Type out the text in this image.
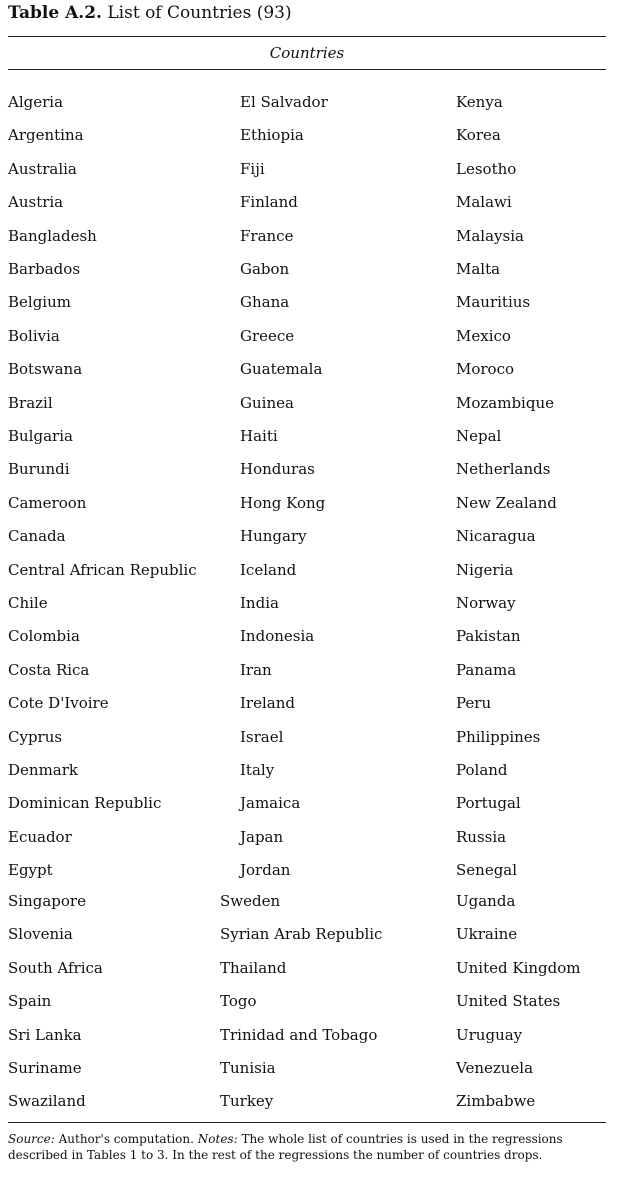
Table A.2. List of Countries (93)
Countries
Algeria
Argentina
Australia
Austria
Bangladesh
Barbados
Belgium
Bolivia
Botswana
Brazil
Bulgaria
Burundi
Cameroon
Canada
Central African Republic
Chile
Colombia
Costa Rica
Cote D'Ivoire
Cyprus
Denmark
Dominican Republic
Ecuador
Egypt
El Salvador
Ethiopia
Fiji
Finland
France
Gabon
Ghana
Greece
Guatemala
Guinea
Haiti
Honduras
Hong Kong
Hungary
Iceland
India
Indonesia
Iran
Ireland
Israel
Italy
Jamaica
Japan
Jordan
Kenya
Korea
Lesotho
Malawi
Malaysia
Malta
Mauritius
Mexico
Moroco
Mozambique
Nepal
Netherlands
New Zealand
Nicaragua
Nigeria
Norway
Pakistan
Panama
Peru
Philippines
Poland
Portugal
Russia
Senegal
Singapore
Slovenia
South Africa
Spain
Sri Lanka
Suriname
Swaziland
Sweden
Syrian Arab Republic
Thailand
Togo
Trinidad and Tobago
Tunisia
Turkey
Uganda
Ukraine
United Kingdom
United States
Uruguay
Venezuela
Zimbabwe
Source: Author's computation. Notes: The whole list of countries is used in the regressions described in Tables 1 to 3. In the rest of the regressions the number of countries drops.
